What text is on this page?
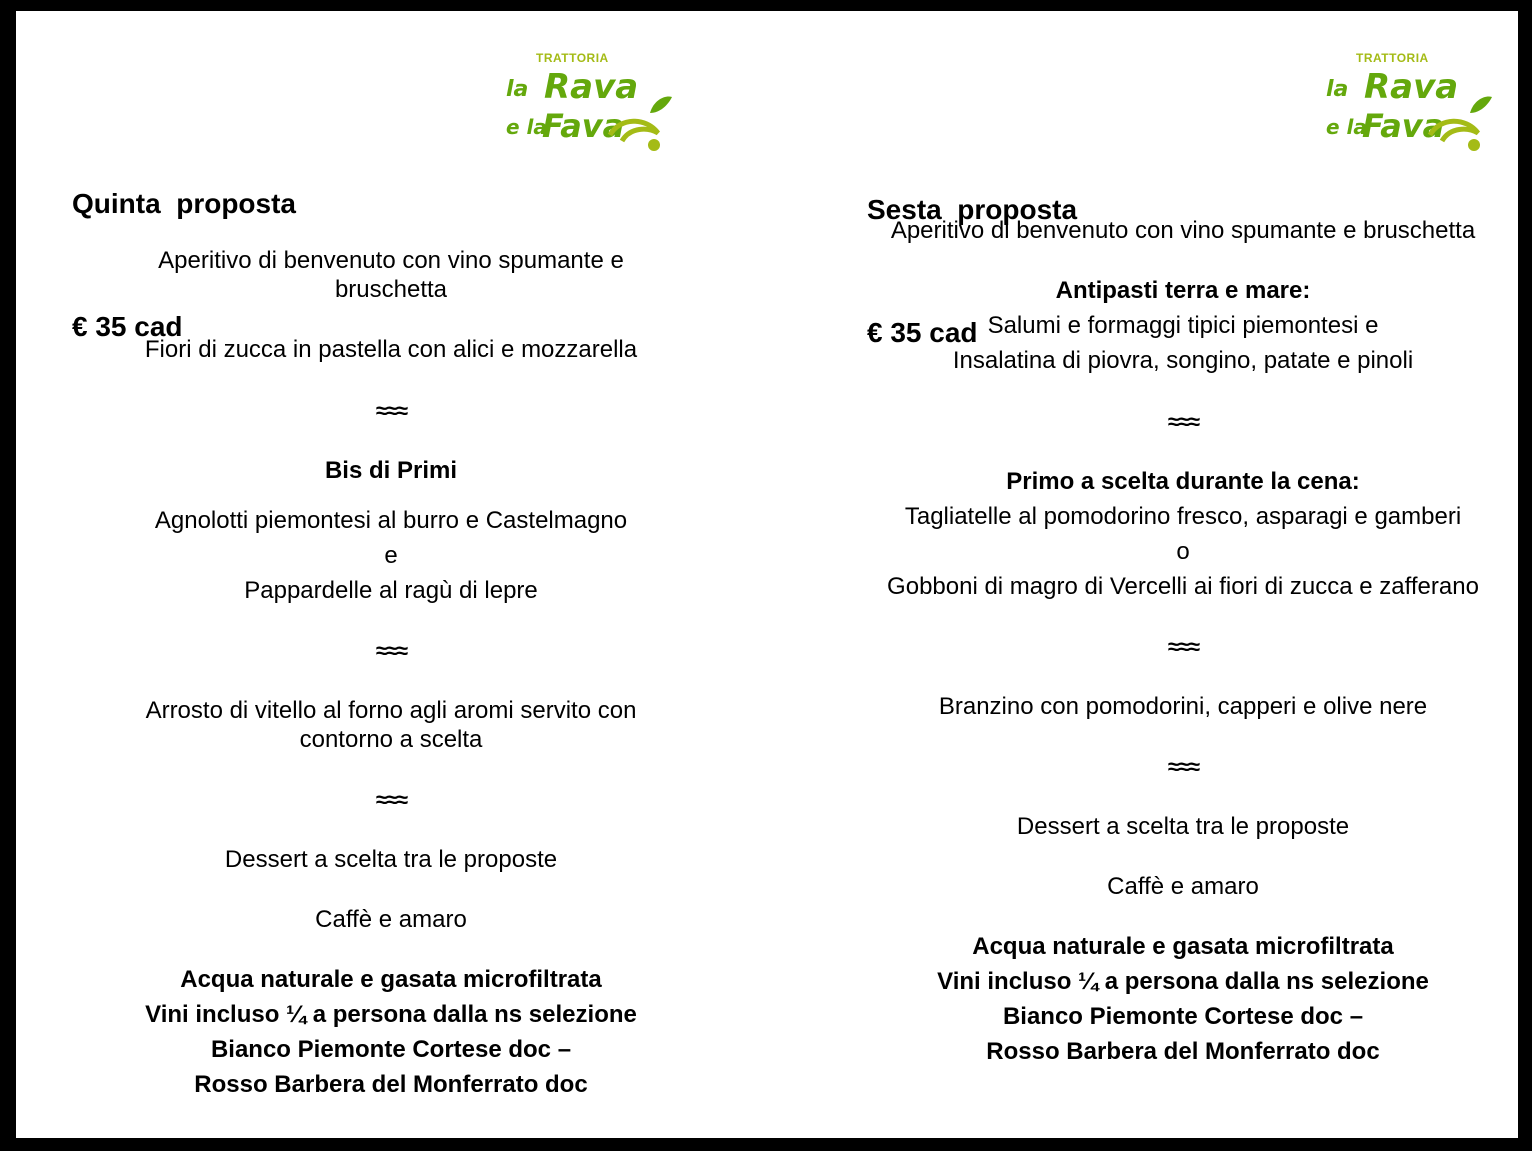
Quinta  proposta

€ 35 cad

TRATTORIA
la Rava
e la
Fava
Aperitivo di benvenuto con vino spumante e bruschetta
Fiori di zucca in pastella con alici e mozzarella
≈≈≈
Bis di Primi
Agnolotti piemontesi al burro e Castelmagno
e
Pappardelle al ragù di lepre
≈≈≈
Arrosto di vitello al forno agli aromi servito con contorno a scelta
≈≈≈
Dessert a scelta tra le proposte
Caffè e amaro
Acqua naturale e gasata microfiltrata
Vini incluso ¼ a persona dalla ns selezione
Bianco Piemonte Cortese doc –
Rosso Barbera del Monferrato doc

Sesta  proposta

€ 35 cad

TRATTORIA
la Rava
e la
Fava
Aperitivo di benvenuto con vino spumante e bruschetta
Antipasti terra e mare:
Salumi e formaggi tipici piemontesi e
Insalatina di piovra, songino, patate e pinoli
≈≈≈
Primo a scelta durante la cena:
Tagliatelle al pomodorino fresco, asparagi e gamberi
o
Gobboni di magro di Vercelli ai fiori di zucca e zafferano
≈≈≈
Branzino con pomodorini, capperi e olive nere
≈≈≈
Dessert a scelta tra le proposte
Caffè e amaro
Acqua naturale e gasata microfiltrata
Vini incluso ¼ a persona dalla ns selezione
Bianco Piemonte Cortese doc –
Rosso Barbera del Monferrato doc
